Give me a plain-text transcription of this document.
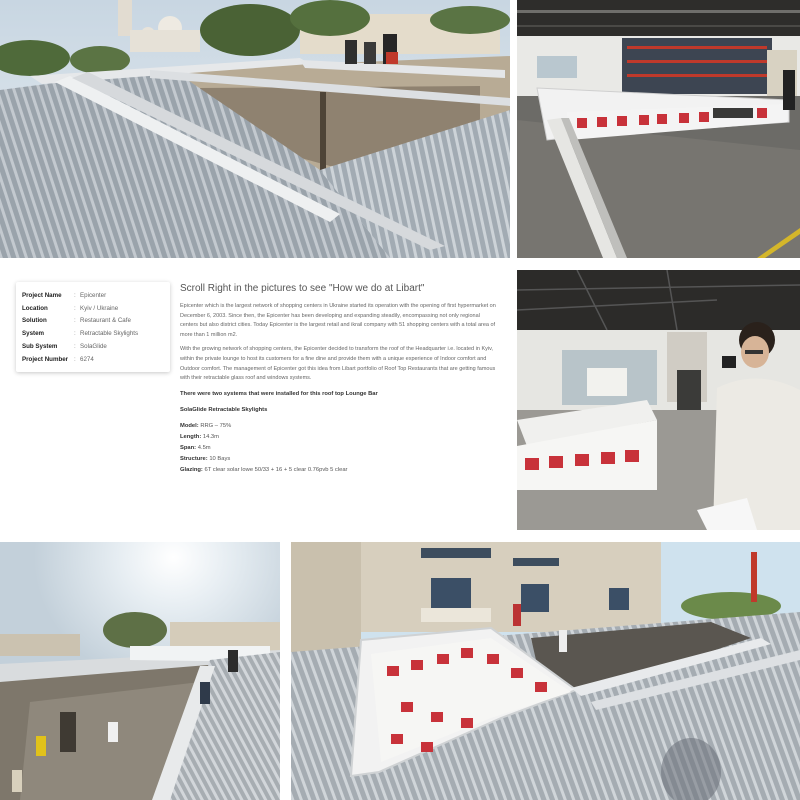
Project Name	: Epicenter
Location	: Kyiv / Ukraine
Solution	: Restaurant & Cafe
System	: Retractable Skylights
Sub System	: SolaGlide
Project Number : 6274
Scroll Right in the pictures to see "How we do at Libart"

Epicenter which is the largest network of shopping centers in Ukraine started its operation with the opening of first hypermarket on December 6, 2003. Since then, the Epicenter has been developing and expanding steadily, encompassing not only regional centers but also district cities. Today Epicenter is the largest retail and ikrail company with 51 shopping centers with a total area of more than 1 million m2.

With the growing network of shopping centers, the Epicenter decided to transform the roof of the Headquarter i.e. located in Kyiv, within the private lounge to host its customers for a fine dine and provide them with a unique experience of Indoor comfort and Outdoor comfort. The management of Epicenter got this idea from Libart portfolio of Roof Top Restaurants that are getting famous with their retractable glass roof and windows systems.

There were two systems that were installed for this roof top Lounge Bar
SolaGlide Retractable Skylights
Model: RRG – 75%
Length: 14.3m
Span: 4.5m
Structure: 10 Bays
Glazing: 6T clear solar lowe 50/33 + 16 + 5 clear 0.76pvb 5 clear
